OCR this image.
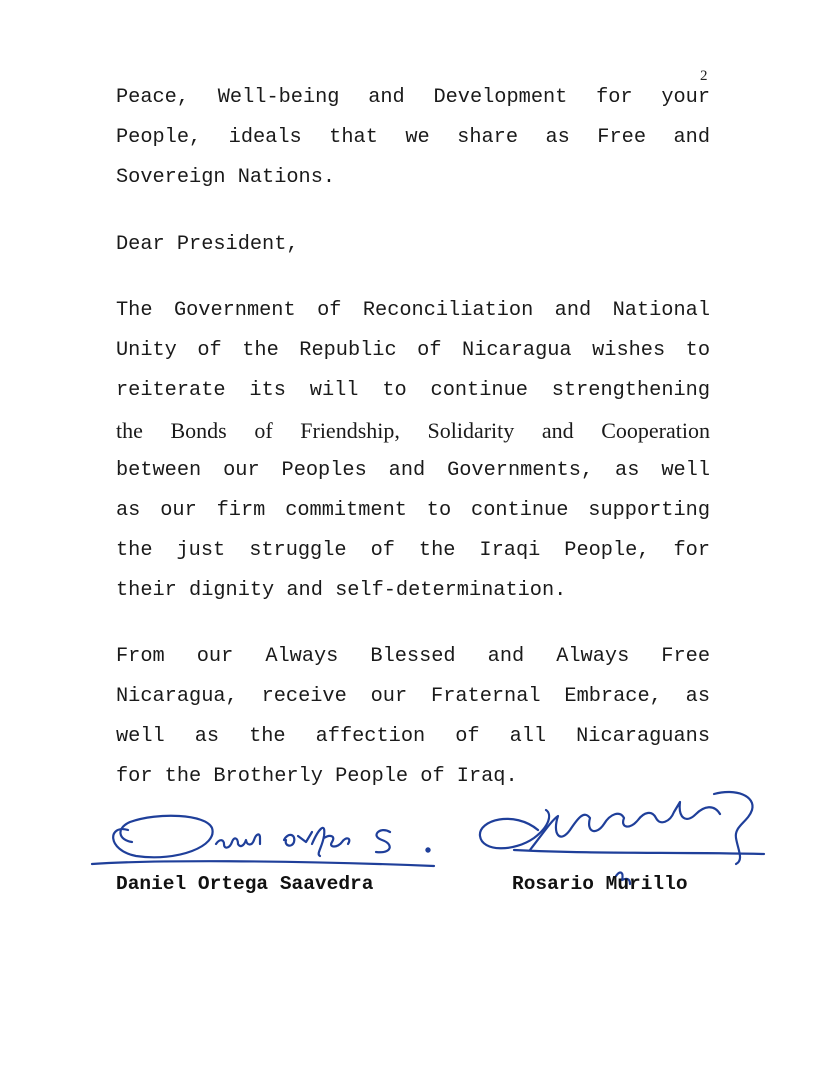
2
Peace, Well-being and Development for your
People, ideals that we share as Free and
Sovereign Nations.
Dear President,
The Government of Reconciliation and National
Unity of the Republic of Nicaragua wishes to
reiterate its will to continue strengthening
the Bonds of Friendship, Solidarity and Cooperation
between our Peoples and Governments, as well
as our firm commitment to continue supporting
the just struggle of the Iraqi People, for
their dignity and self-determination.
From our Always Blessed and Always Free
Nicaragua, receive our Fraternal Embrace, as
well as the affection of all Nicaraguans
for the Brotherly People of Iraq.
Daniel Ortega Saavedra	Rosario Murillo
